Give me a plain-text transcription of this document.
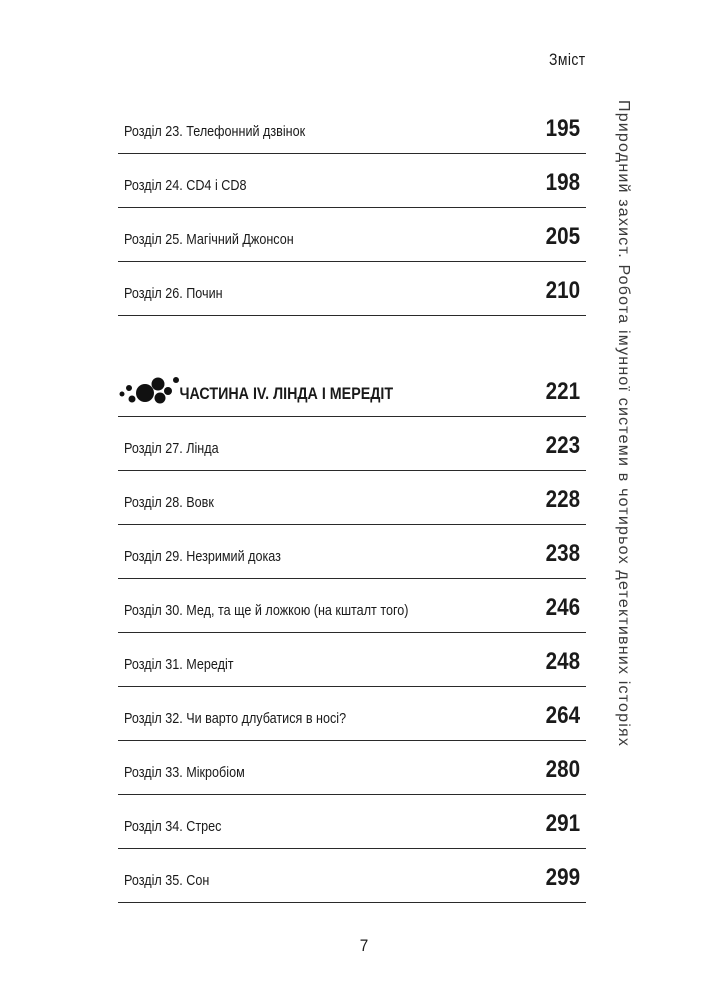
Зміст
Розділ 23. Телефонний дзвінок	195
Розділ 24. CD4 і CD8	198
Розділ 25. Магічний Джонсон	205
Розділ 26. Почин	210
ЧАСТИНА IV. ЛІНДА І МЕРЕДІТ	221
Розділ 27. Лінда	223
Розділ 28. Вовк	228
Розділ 29. Незримий доказ	238
Розділ 30. Мед, та ще й ложкою (на кшталт того)	246
Розділ 31. Мередіт	248
Розділ 32. Чи варто длубатися в носі?	264
Розділ 33. Мікробіом	280
Розділ 34. Стрес	291
Розділ 35. Сон	299
Природний захист. Робота імунної системи в чотирьох детективних історіях
7
